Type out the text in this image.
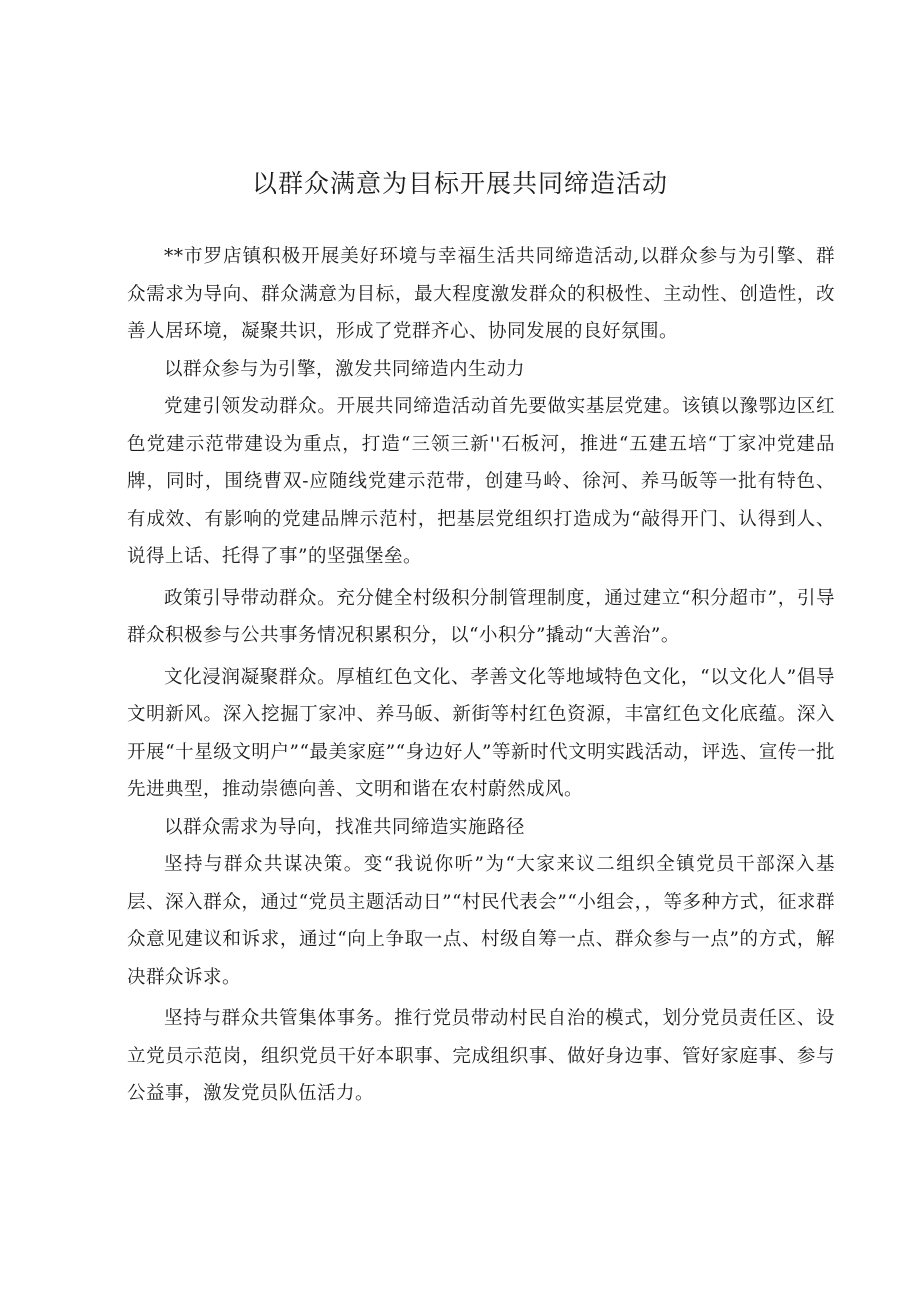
以群众满意为目标开展共同缔造活动

**市罗店镇积极开展美好环境与幸福生活共同缔造活动,以群众参与为引擎、群众需求为导向、群众满意为目标，最大程度激发群众的积极性、主动性、创造性，改善人居环境，凝聚共识，形成了党群齐心、协同发展的良好氛围。

以群众参与为引擎，激发共同缔造内生动力

党建引领发动群众。开展共同缔造活动首先要做实基层党建。该镇以豫鄂边区红色党建示范带建设为重点，打造“三领三新''石板河，推进“五建五培“丁家冲党建品牌，同时，围绕曹双-应随线党建示范带，创建马岭、徐河、养马皈等一批有特色、有成效、有影响的党建品牌示范村，把基层党组织打造成为“敲得开门、认得到人、说得上话、托得了事”的坚强堡垒。

政策引导带动群众。充分健全村级积分制管理制度，通过建立“积分超市”，引导群众积极参与公共事务情况积累积分，以“小积分”撬动“大善治”。

文化浸润凝聚群众。厚植红色文化、孝善文化等地域特色文化，“以文化人”倡导文明新风。深入挖掘丁家冲、养马皈、新街等村红色资源，丰富红色文化底蕴。深入开展“十星级文明户”“最美家庭”“身边好人”等新时代文明实践活动，评选、宣传一批先进典型，推动崇德向善、文明和谐在农村蔚然成风。

以群众需求为导向，找准共同缔造实施路径

坚持与群众共谋决策。变“我说你听”为“大家来议二组织全镇党员干部深入基层、深入群众，通过“党员主题活动日”“村民代表会”“小组会，，等多种方式，征求群众意见建议和诉求，通过“向上争取一点、村级自筹一点、群众参与一点”的方式，解决群众诉求。

坚持与群众共管集体事务。推行党员带动村民自治的模式，划分党员责任区、设立党员示范岗，组织党员干好本职事、完成组织事、做好身边事、管好家庭事、参与公益事，激发党员队伍活力。
